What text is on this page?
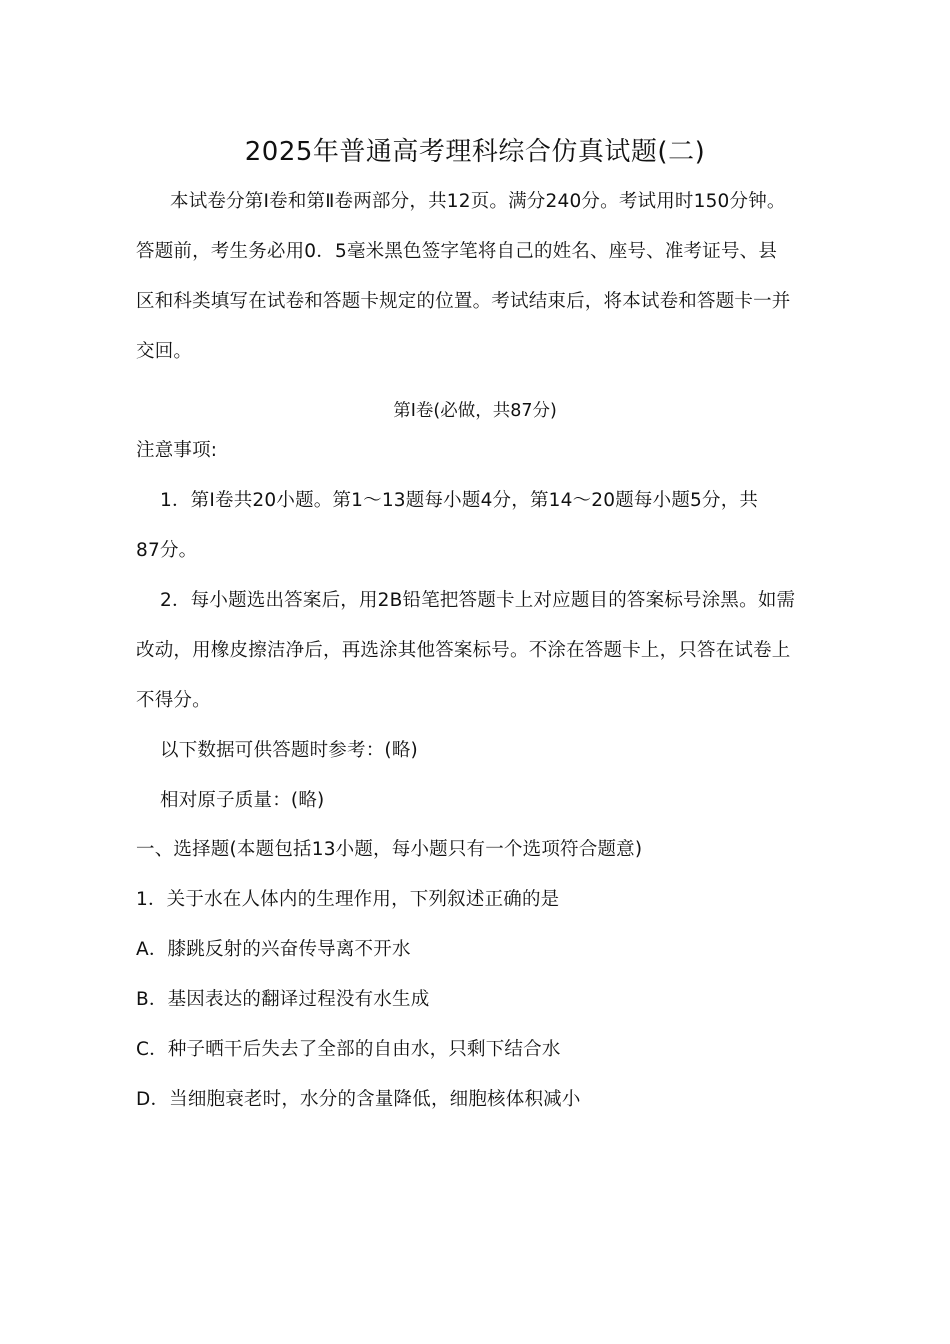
2025年普通高考理科综合仿真试题(二)
本试卷分第Ⅰ卷和第Ⅱ卷两部分，共12页。满分240分。考试用时150分钟。
答题前，考生务必用0．5毫米黑色签字笔将自己的姓名、座号、准考证号、县
区和科类填写在试卷和答题卡规定的位置。考试结束后，将本试卷和答题卡一并
交回。
第Ⅰ卷(必做，共87分)
注意事项:
1．第Ⅰ卷共20小题。第1～13题每小题4分，第14～20题每小题5分，共
87分。
2．每小题选出答案后，用2B铅笔把答题卡上对应题目的答案标号涂黑。如需
改动，用橡皮擦洁净后，再选涂其他答案标号。不涂在答题卡上，只答在试卷上
不得分。
以下数据可供答题时参考：(略)
相对原子质量：(略)
一、选择题(本题包括13小题，每小题只有一个选项符合题意)
1．关于水在人体内的生理作用，下列叙述正确的是
A．膝跳反射的兴奋传导离不开水
B．基因表达的翻译过程没有水生成
C．种子晒干后失去了全部的自由水，只剩下结合水
D．当细胞衰老时，水分的含量降低，细胞核体积减小
